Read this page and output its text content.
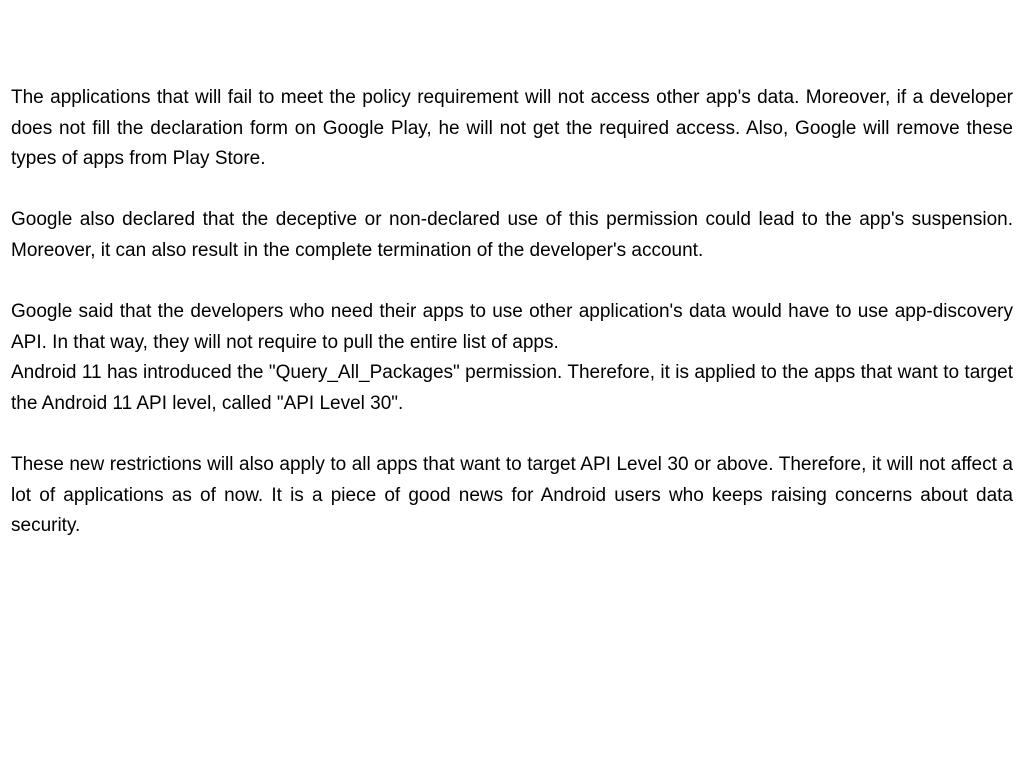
The applications that will fail to meet the policy requirement will not access other app's data. Moreover, if a developer does not fill the declaration form on Google Play, he will not get the required access. Also, Google will remove these types of apps from Play Store.

Google also declared that the deceptive or non-declared use of this permission could lead to the app's suspension. Moreover, it can also result in the complete termination of the developer's account.

Google said that the developers who need their apps to use other application's data would have to use app-discovery API. In that way, they will not require to pull the entire list of apps.

Android 11 has introduced the "Query_All_Packages" permission. Therefore, it is applied to the apps that want to target the Android 11 API level, called "API Level 30".

These new restrictions will also apply to all apps that want to target API Level 30 or above. Therefore, it will not affect a lot of applications as of now. It is a piece of good news for Android users who keeps raising concerns about data security.
